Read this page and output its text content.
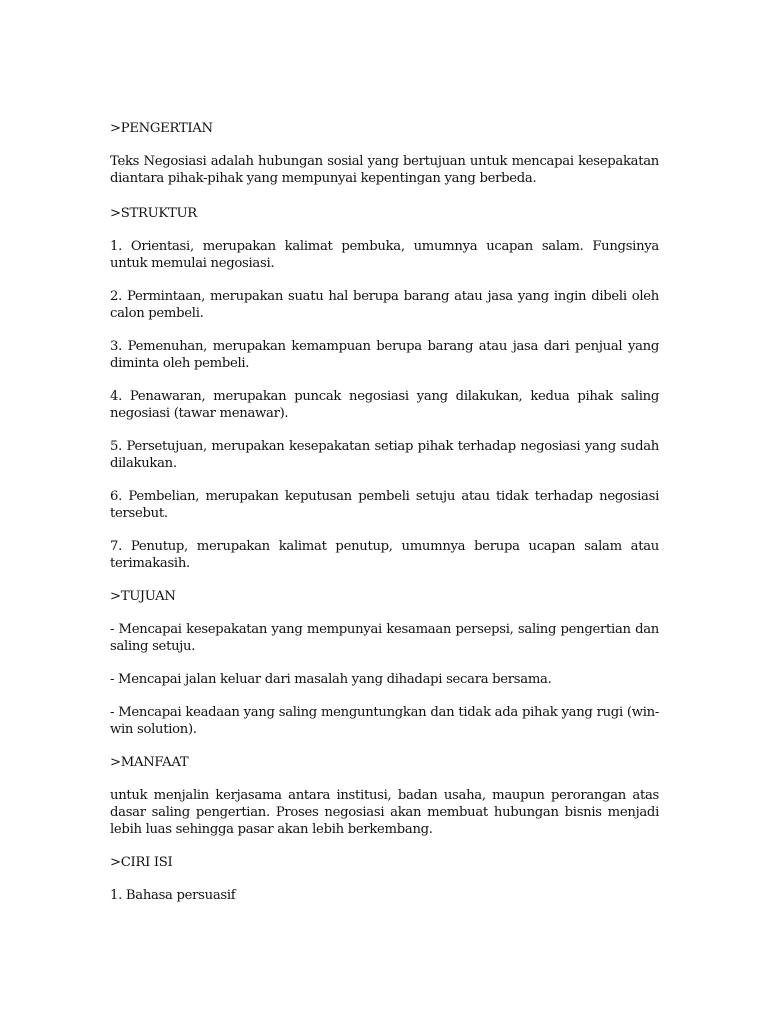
>PENGERTIAN

Teks Negosiasi adalah hubungan sosial yang bertujuan untuk mencapai kesepakatan diantara pihak-pihak yang mempunyai kepentingan yang berbeda.

>STRUKTUR

1. Orientasi, merupakan kalimat pembuka, umumnya ucapan salam. Fungsinya untuk memulai negosiasi.

2. Permintaan, merupakan suatu hal berupa barang atau jasa yang ingin dibeli oleh calon pembeli.

3. Pemenuhan, merupakan kemampuan berupa barang atau jasa dari penjual yang diminta oleh pembeli.

4. Penawaran, merupakan puncak negosiasi yang dilakukan, kedua pihak saling negosiasi (tawar menawar).

5. Persetujuan, merupakan kesepakatan setiap pihak terhadap negosiasi yang sudah dilakukan.

6. Pembelian, merupakan keputusan pembeli setuju atau tidak terhadap negosiasi tersebut.

7. Penutup, merupakan kalimat penutup, umumnya berupa ucapan salam atau terimakasih.

>TUJUAN

- Mencapai kesepakatan yang mempunyai kesamaan persepsi, saling pengertian dan saling setuju.

- Mencapai jalan keluar dari masalah yang dihadapi secara bersama.

- Mencapai keadaan yang saling menguntungkan dan tidak ada pihak yang rugi (win-win solution).

>MANFAAT

untuk menjalin kerjasama antara institusi, badan usaha, maupun perorangan atas dasar saling pengertian. Proses negosiasi akan membuat hubungan bisnis menjadi lebih luas sehingga pasar akan lebih berkembang.

>CIRI ISI

1. Bahasa persuasif
